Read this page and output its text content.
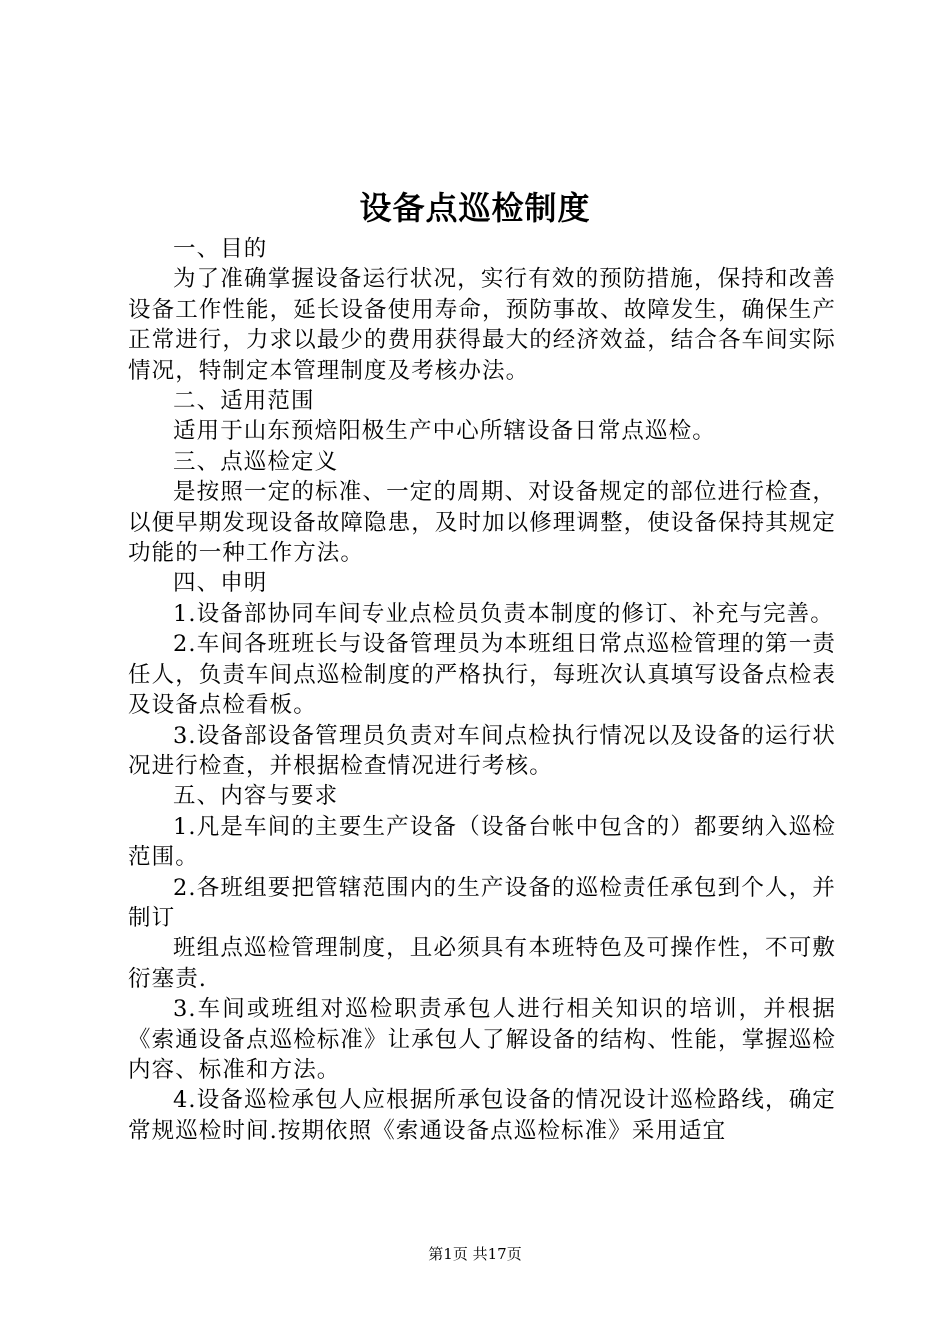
设备点巡检制度

一、目的

为了准确掌握设备运行状况，实行有效的预防措施，保持和改善设备工作性能，延长设备使用寿命，预防事故、故障发生，确保生产正常进行，力求以最少的费用获得最大的经济效益，结合各车间实际情况，特制定本管理制度及考核办法。

二、适用范围

适用于山东预焙阳极生产中心所辖设备日常点巡检。

三、点巡检定义

是按照一定的标准、一定的周期、对设备规定的部位进行检查，以便早期发现设备故障隐患，及时加以修理调整，使设备保持其规定功能的一种工作方法。

四、申明

1.设备部协同车间专业点检员负责本制度的修订、补充与完善。

2.车间各班班长与设备管理员为本班组日常点巡检管理的第一责任人，负责车间点巡检制度的严格执行，每班次认真填写设备点检表及设备点检看板。

3.设备部设备管理员负责对车间点检执行情况以及设备的运行状况进行检查，并根据检查情况进行考核。

五、内容与要求

1.凡是车间的主要生产设备（设备台帐中包含的）都要纳入巡检范围。

2.各班组要把管辖范围内的生产设备的巡检责任承包到个人，并制订

班组点巡检管理制度，且必须具有本班特色及可操作性，不可敷衍塞责.

3.车间或班组对巡检职责承包人进行相关知识的培训，并根据《索通设备点巡检标准》让承包人了解设备的结构、性能，掌握巡检内容、标准和方法。

4.设备巡检承包人应根据所承包设备的情况设计巡检路线，确定常规巡检时间.按期依照《索通设备点巡检标准》采用适宜

第1页 共17页
